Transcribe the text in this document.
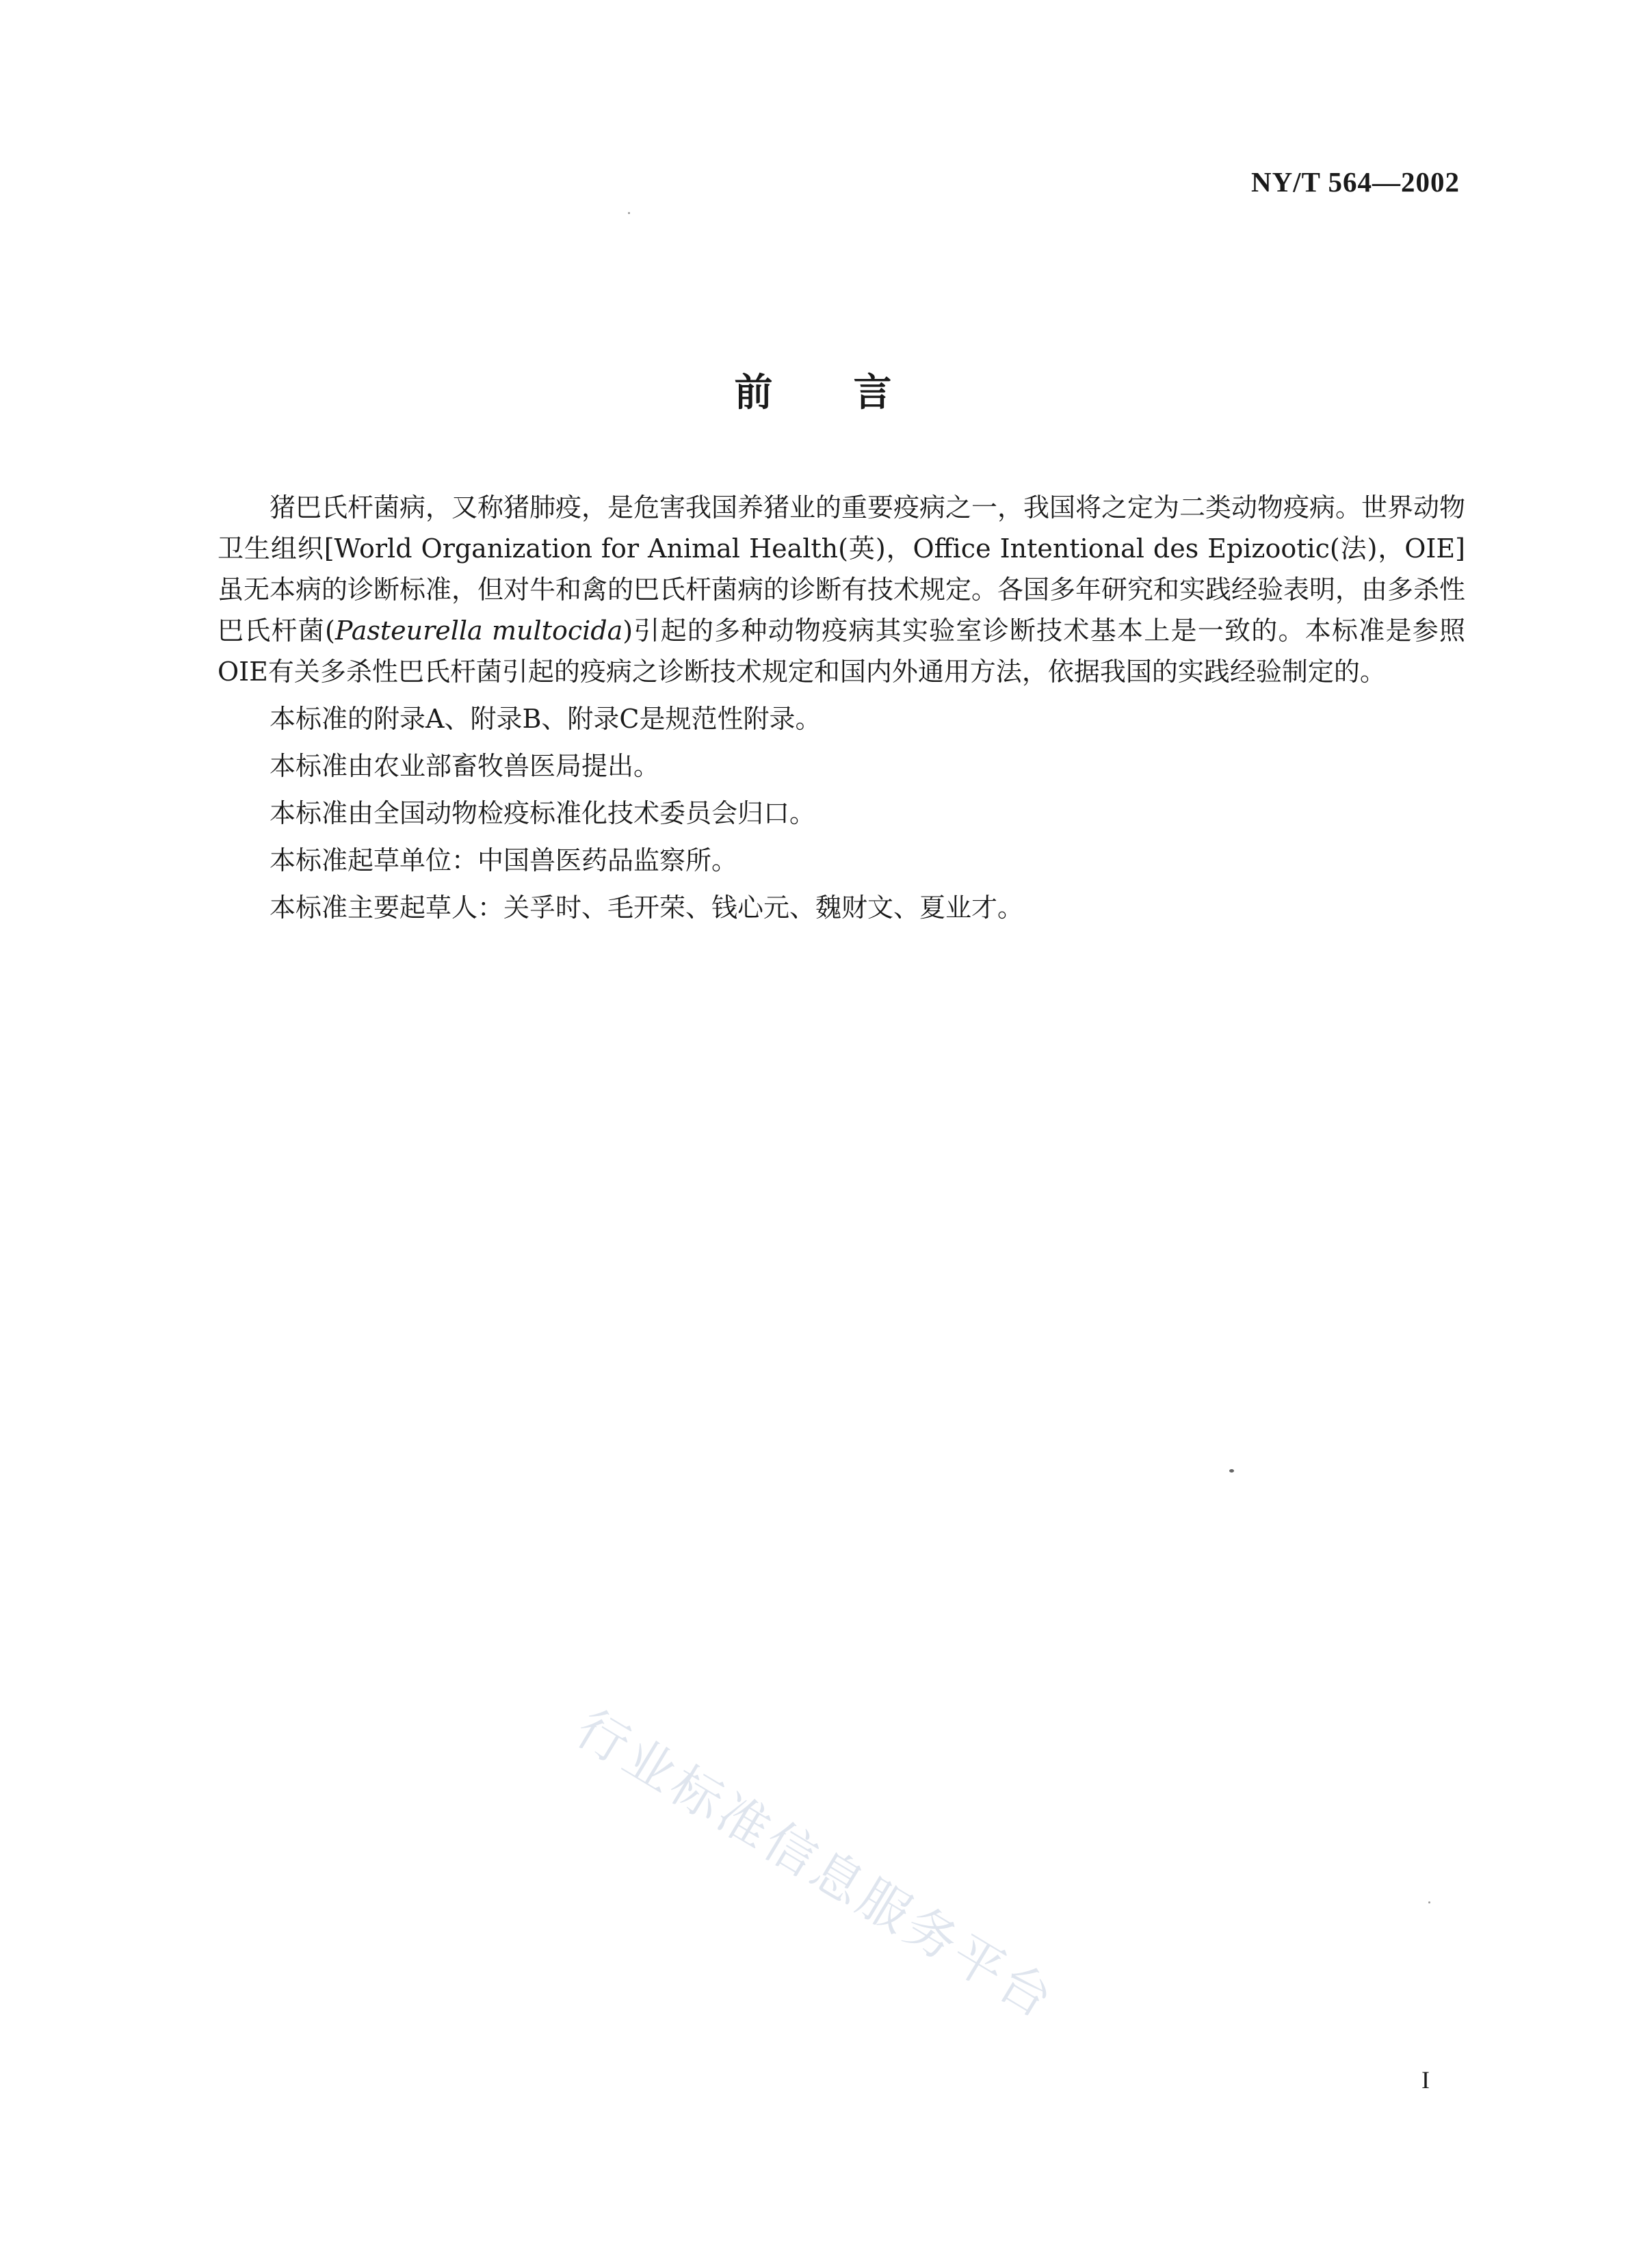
NY/T 564—2002
前言

猪巴氏杆菌病，又称猪肺疫，是危害我国养猪业的重要疫病之一，我国将之定为二类动物疫病。世界动物卫生组织[World Organization for Animal Health(英)，Office Intentional des Epizootic(法)，OIE]虽无本病的诊断标准，但对牛和禽的巴氏杆菌病的诊断有技术规定。各国多年研究和实践经验表明，由多杀性巴氏杆菌(Pasteurella multocida)引起的多种动物疫病其实验室诊断技术基本上是一致的。本标准是参照OIE有关多杀性巴氏杆菌引起的疫病之诊断技术规定和国内外通用方法，依据我国的实践经验制定的。

本标准的附录A、附录B、附录C是规范性附录。

本标准由农业部畜牧兽医局提出。

本标准由全国动物检疫标准化技术委员会归口。

本标准起草单位：中国兽医药品监察所。

本标准主要起草人：关孚时、毛开荣、钱心元、魏财文、夏业才。

行业标准信息服务平台
I
